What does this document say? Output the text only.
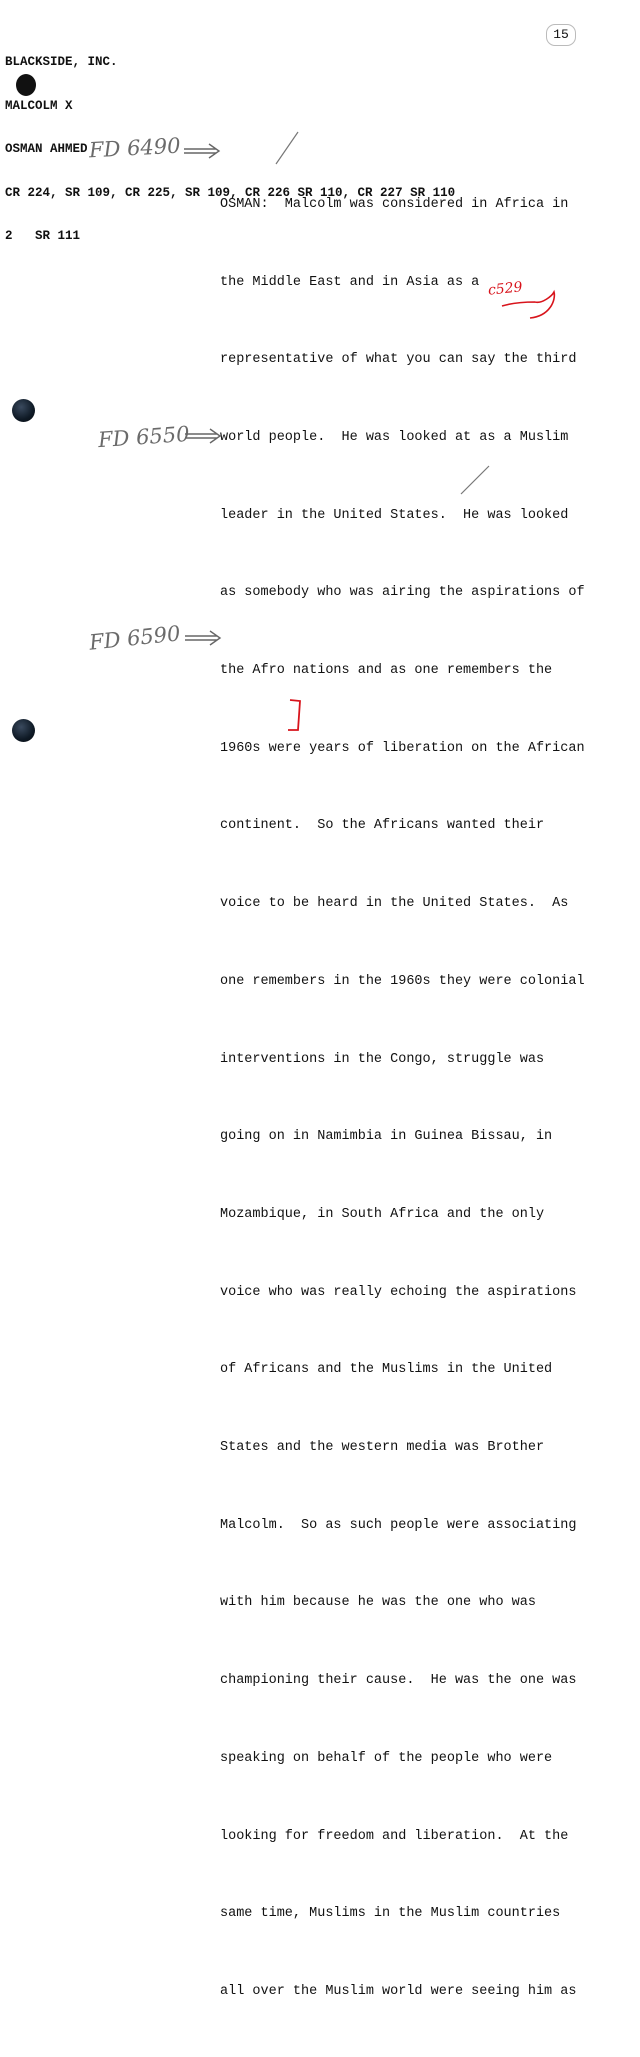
BLACKSIDE, INC.

MALCOLM X

OSMAN AHMED

CR 224, SR 109, CR 225, SR 109, CR 226 SR 110, CR 227 SR 110

2   SR 111

15
FD 6490
FD 6550
FD 6590
c529

OSMAN:  Malcolm was considered in Africa in

the Middle East and in Asia as a

representative of what you can say the third

world people.  He was looked at as a Muslim

leader in the United States.  He was looked

as somebody who was airing the aspirations of

the Afro nations and as one remembers the

1960s were years of liberation on the African

continent.  So the Africans wanted their

voice to be heard in the United States.  As

one remembers in the 1960s they were colonial

interventions in the Congo, struggle was

going on in Namimbia in Guinea Bissau, in

Mozambique, in South Africa and the only

voice who was really echoing the aspirations

of Africans and the Muslims in the United

States and the western media was Brother

Malcolm.  So as such people were associating

with him because he was the one who was

championing their cause.  He was the one was

speaking on behalf of the people who were

looking for freedom and liberation.  At the

same time, Muslims in the Muslim countries

all over the Muslim world were seeing him as
